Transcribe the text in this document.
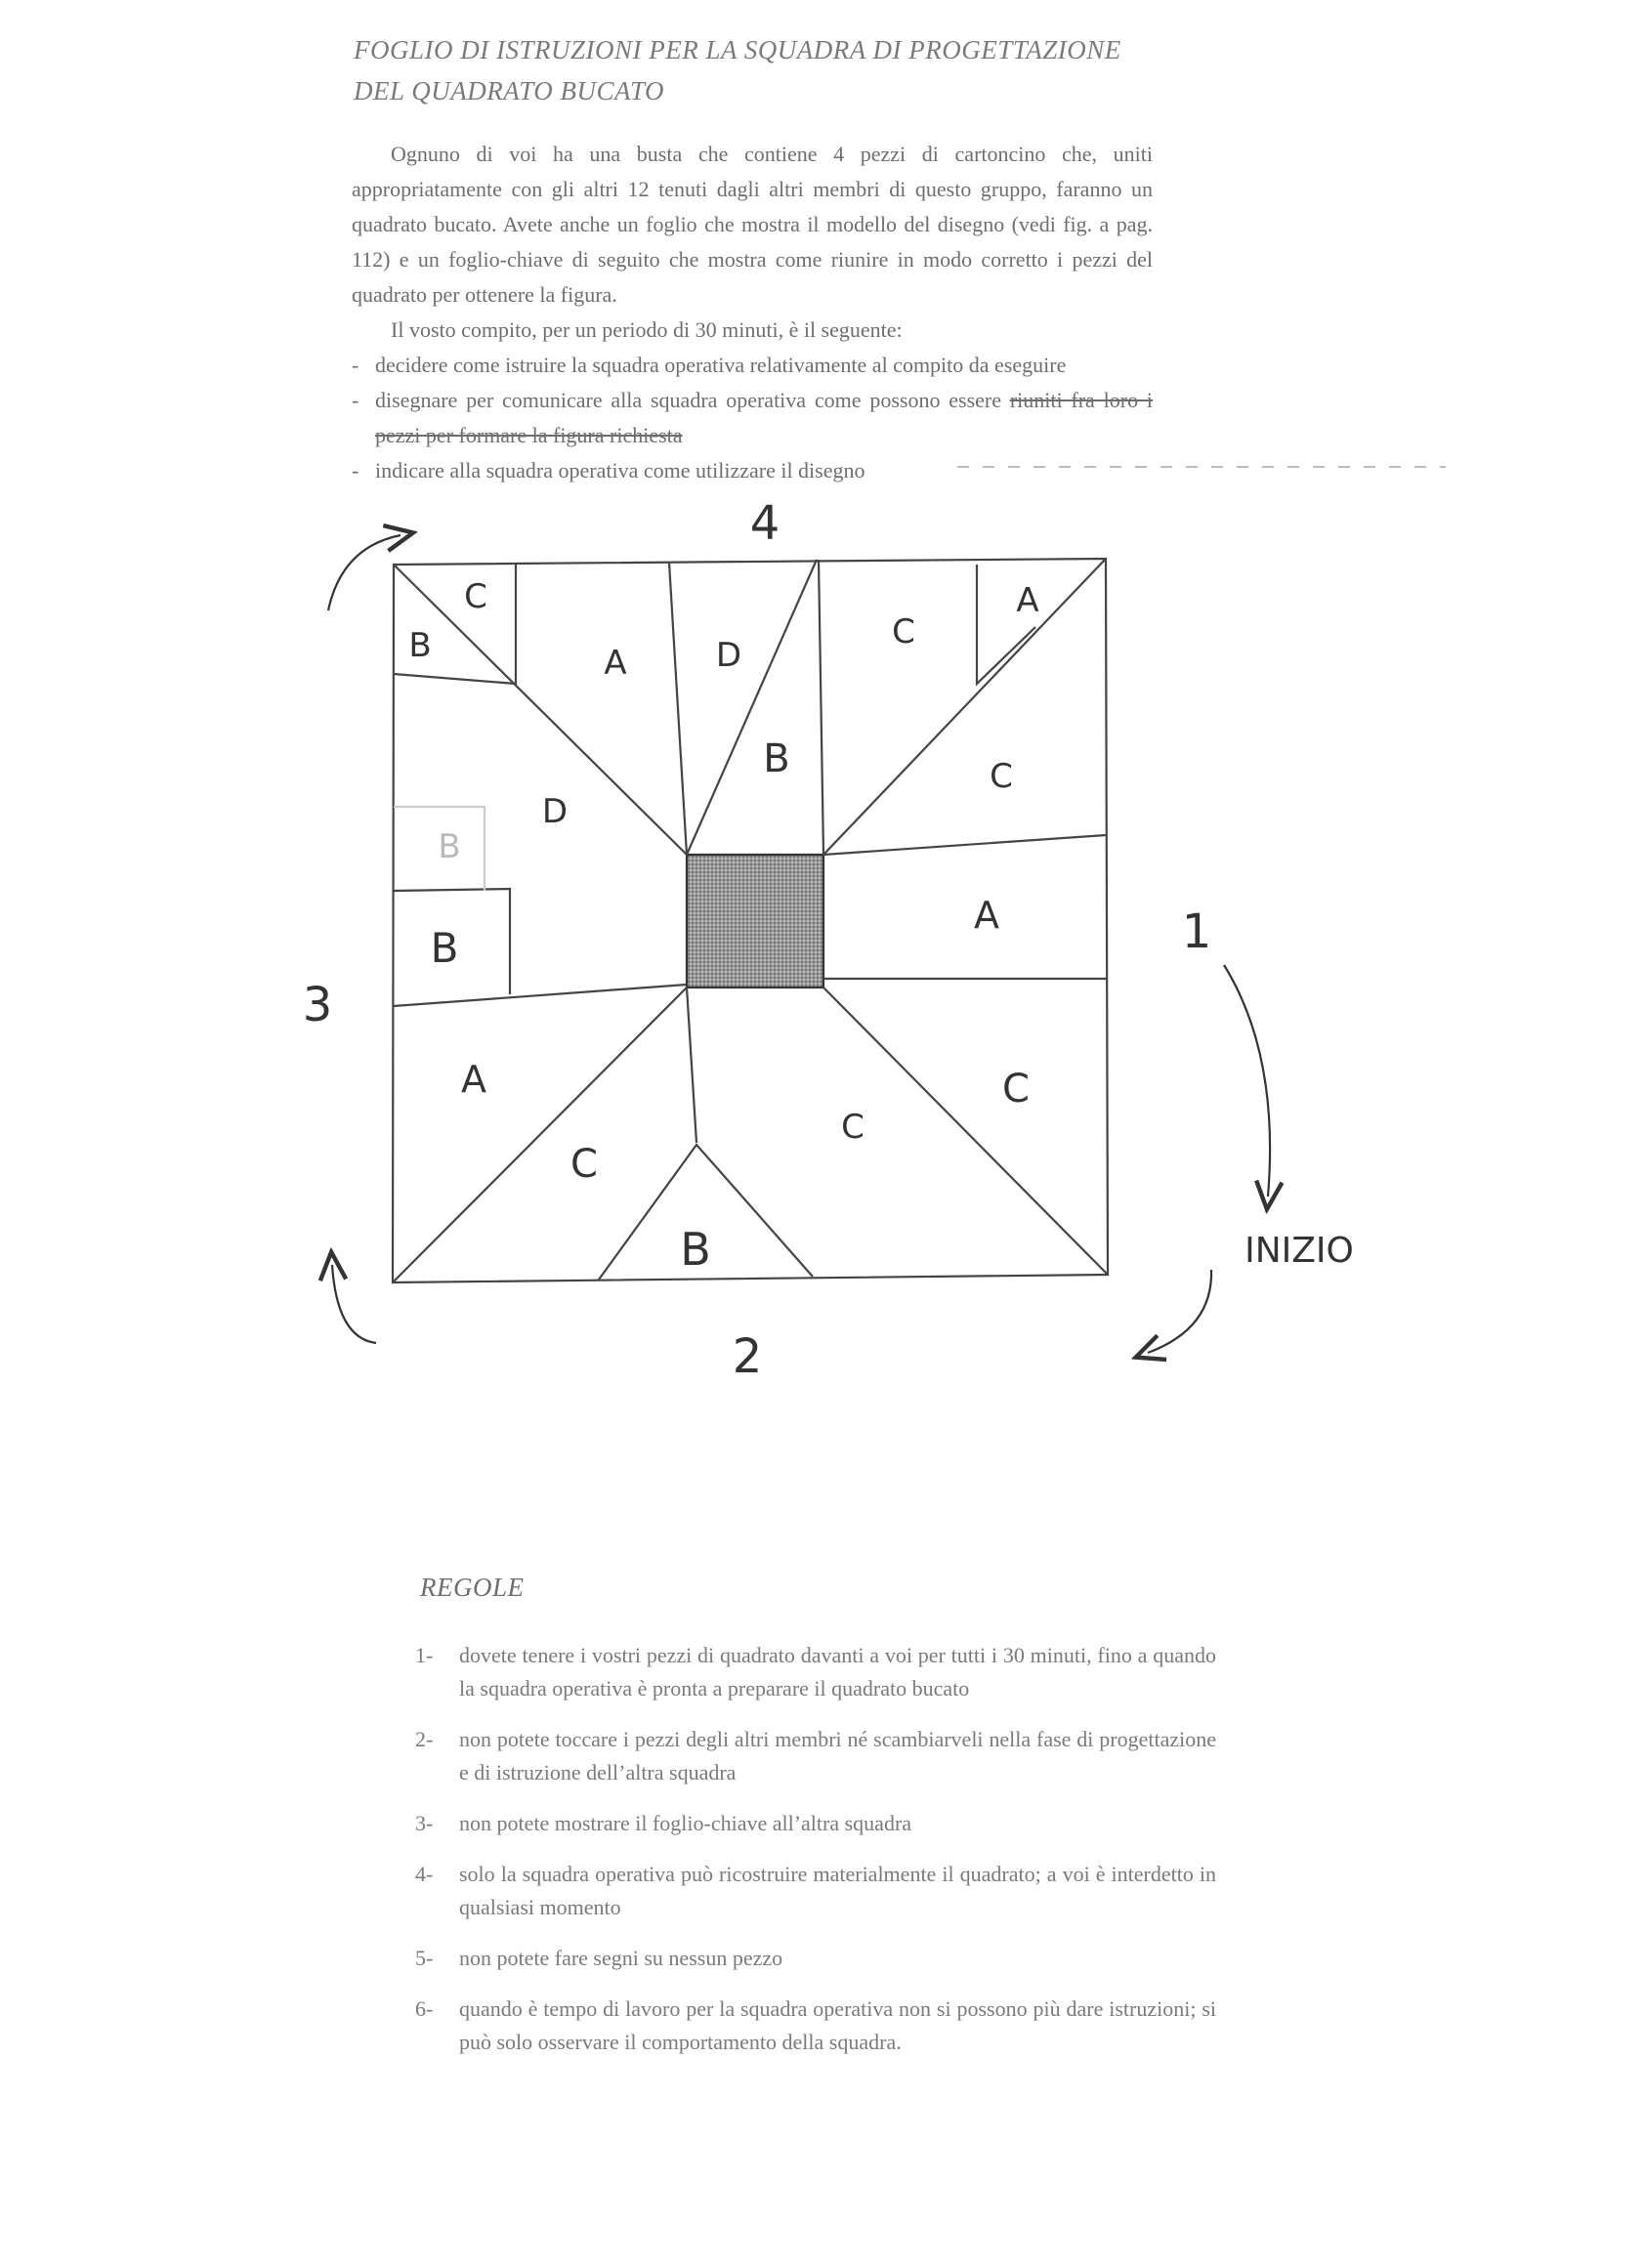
FOGLIO DI ISTRUZIONI PER LA SQUADRA DI PROGETTAZIONE
DEL QUADRATO BUCATO

Ognuno di voi ha una busta che contiene 4 pezzi di cartoncino che, uniti appropriatamente con gli altri 12 tenuti dagli altri membri di questo gruppo, faranno un quadrato bucato. Avete anche un foglio che mostra il modello del disegno (vedi fig. a pag. 112) e un foglio-chiave di seguito che mostra come riunire in modo corretto i pezzi del quadrato per ottenere la figura.

Il vosto compito, per un periodo di 30 minuti, è il seguente:

- decidere come istruire la squadra operativa relativamente al compito da eseguire
- disegnare per comunicare alla squadra operativa come possono essere riuniti fra loro i pezzi per formare la figura richiesta
- indicare alla squadra operativa come utilizzare il disegno
C
B	A	D
B
C
A
C
D
B
B
A
A
C
C
C
B
1
2
3
4
INIZIO
REGOLE
1- dovete tenere i vostri pezzi di quadrato davanti a voi per tutti i 30 minuti, fino a quando la squadra operativa è pronta a preparare il quadrato bucato
2- non potete toccare i pezzi degli altri membri né scambiarveli nella fase di progettazione e di istruzione dell’altra squadra
3- non potete mostrare il foglio-chiave all’altra squadra
4- solo la squadra operativa può ricostruire materialmente il quadrato; a voi è interdetto in qualsiasi momento
5- non potete fare segni su nessun pezzo
6- quando è tempo di lavoro per la squadra operativa non si possono più dare istruzioni; si può solo osservare il comportamento della squadra.
